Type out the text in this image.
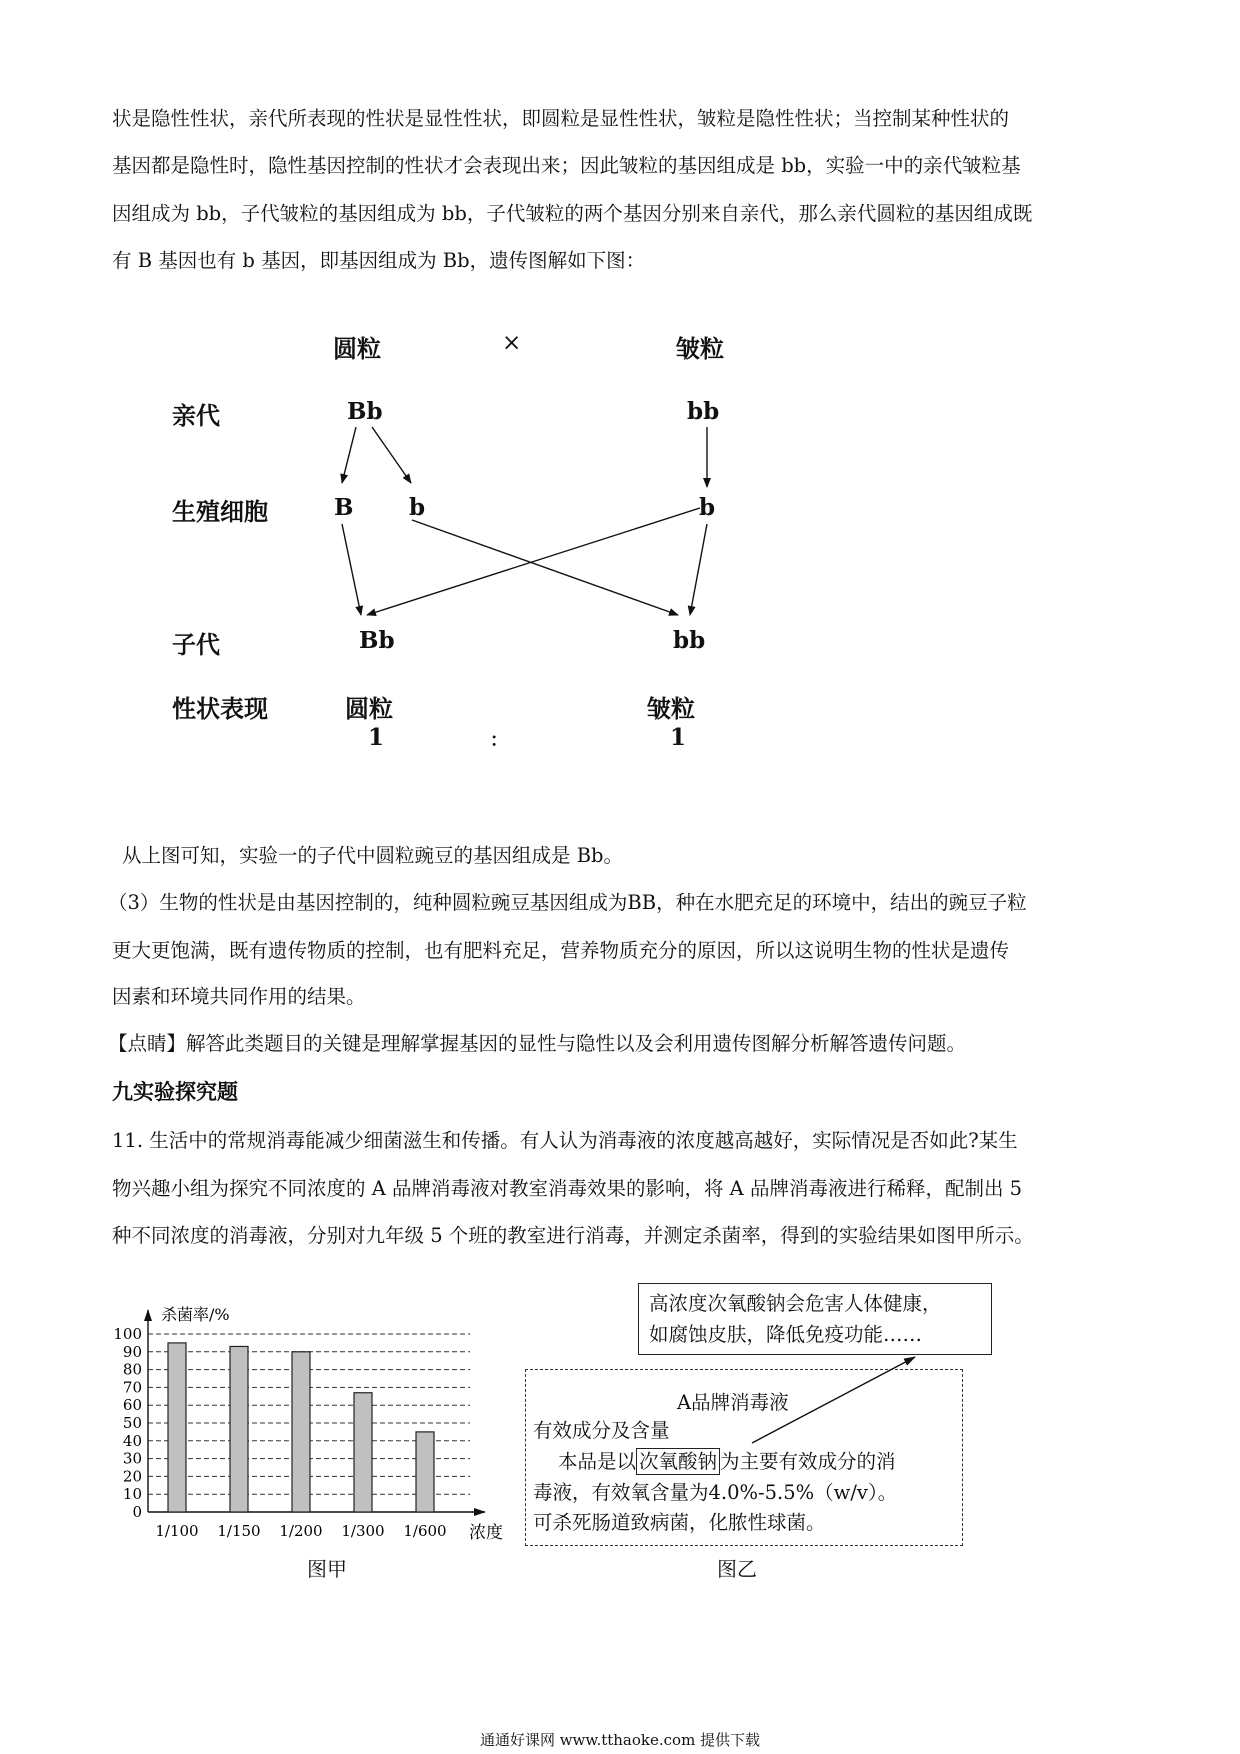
状是隐性性状，亲代所表现的性状是显性性状，即圆粒是显性性状，皱粒是隐性性状；当控制某种性状的

基因都是隐性时，隐性基因控制的性状才会表现出来；因此皱粒的基因组成是 bb，实验一中的亲代皱粒基

因组成为 bb，子代皱粒的基因组成为 bb，子代皱粒的两个基因分别来自亲代，那么亲代圆粒的基因组成既

有 B 基因也有 b 基因，即基因组成为 Bb，遗传图解如下图：

圆粒	×	皱粒
亲代
生殖细胞
子代
性状表现
Bb	bb
B b	b
Bb	bb
圆粒	皱粒
1	：	1

从上图可知，实验一的子代中圆粒豌豆的基因组成是 Bb。

（3）生物的性状是由基因控制的，纯种圆粒豌豆基因组成为BB，种在水肥充足的环境中，结出的豌豆子粒

更大更饱满，既有遗传物质的控制，也有肥料充足，营养物质充分的原因，所以这说明生物的性状是遗传

因素和环境共同作用的结果。

【点睛】解答此类题目的关键是理解掌握基因的显性与隐性以及会利用遗传图解分析解答遗传问题。

九实验探究题

11. 生活中的常规消毒能减少细菌滋生和传播。有人认为消毒液的浓度越高越好，实际情况是否如此?某生

物兴趣小组为探究不同浓度的 A 品牌消毒液对教室消毒效果的影响，将 A 品牌消毒液进行稀释，配制出 5

种不同浓度的消毒液，分别对九年级 5 个班的教室进行消毒，并测定杀菌率，得到的实验结果如图甲所示。

0
10
20
30
40
50
60
70
80
90
100
1/100 1/150 1/200 1/300 1/600
杀菌率/%
浓度
图甲
高浓度次氧酸钠会危害人体健康，
如腐蚀皮肤，降低免疫功能……
A品牌消毒液
有效成分及含量
本品是以 次氧酸钠 为主要有效成分的消
毒液，有效氧含量为4.0%-5.5%（w/v）。
可杀死肠道致病菌，化脓性球菌。
图乙
通通好课网 www.tthaoke.com 提供下载
